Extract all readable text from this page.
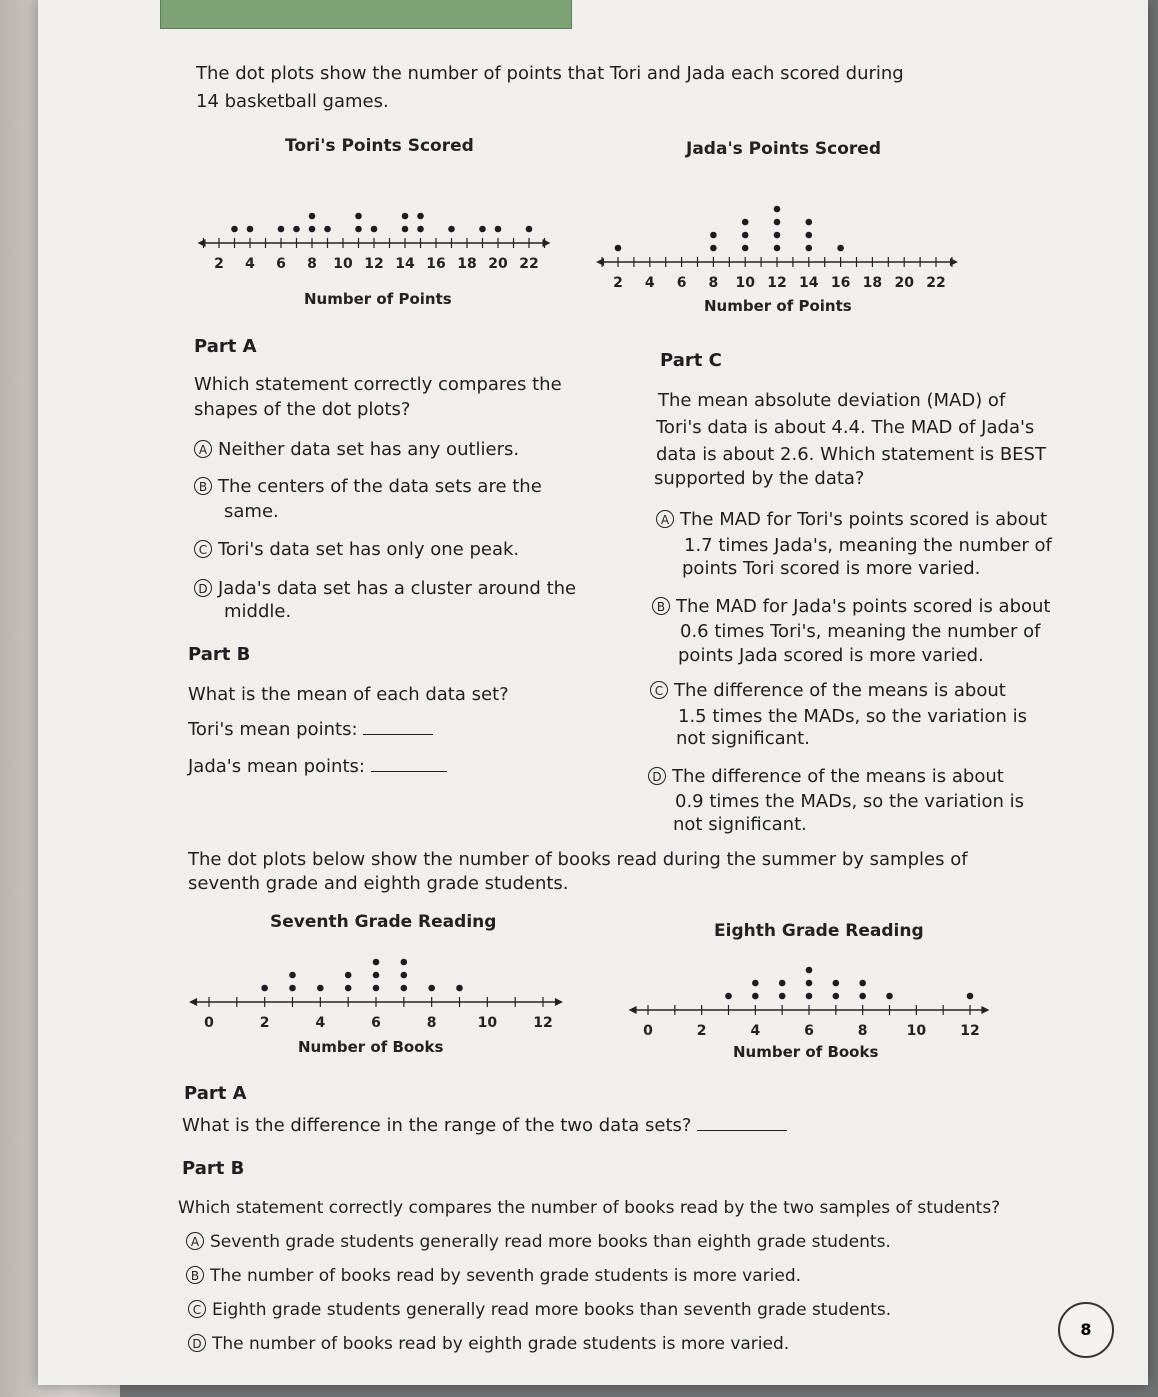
The dot plots show the number of points that Tori and Jada each scored during
14 basketball games.
Tori's Points Scored	Jada's Points Scored
2 4 6 8 10 12 14 16 18 20 22
2 4 6 8 10 12 14 16 18 20 22
Number of Points	Number of Points
Part A
Which statement correctly compares the
shapes of the dot plots?
A Neither data set has any outliers.
B The centers of the data sets are the
same.
C Tori's data set has only one peak.
D Jada's data set has a cluster around the
middle.
Part B
What is the mean of each data set?
Tori's mean points:
Jada's mean points:
Part C
The mean absolute deviation (MAD) of
Tori's data is about 4.4. The MAD of Jada's
data is about 2.6. Which statement is BEST
supported by the data?
A The MAD for Tori's points scored is about
1.7 times Jada's, meaning the number of
points Tori scored is more varied.
B The MAD for Jada's points scored is about
0.6 times Tori's, meaning the number of
points Jada scored is more varied.
C The difference of the means is about
1.5 times the MADs, so the variation is
not significant.
D The difference of the means is about
0.9 times the MADs, so the variation is
not significant.
The dot plots below show the number of books read during the summer by samples of
seventh grade and eighth grade students.
Seventh Grade Reading	Eighth Grade Reading
0	2	4	6	8	10	12	0	2	4	6	8	10 12
Number of Books	Number of Books
Part A
What is the difference in the range of the two data sets?
Part B
Which statement correctly compares the number of books read by the two samples of students?
A Seventh grade students generally read more books than eighth grade students.
B The number of books read by seventh grade students is more varied.
C Eighth grade students generally read more books than seventh grade students.
D The number of books read by eighth grade students is more varied.
8
